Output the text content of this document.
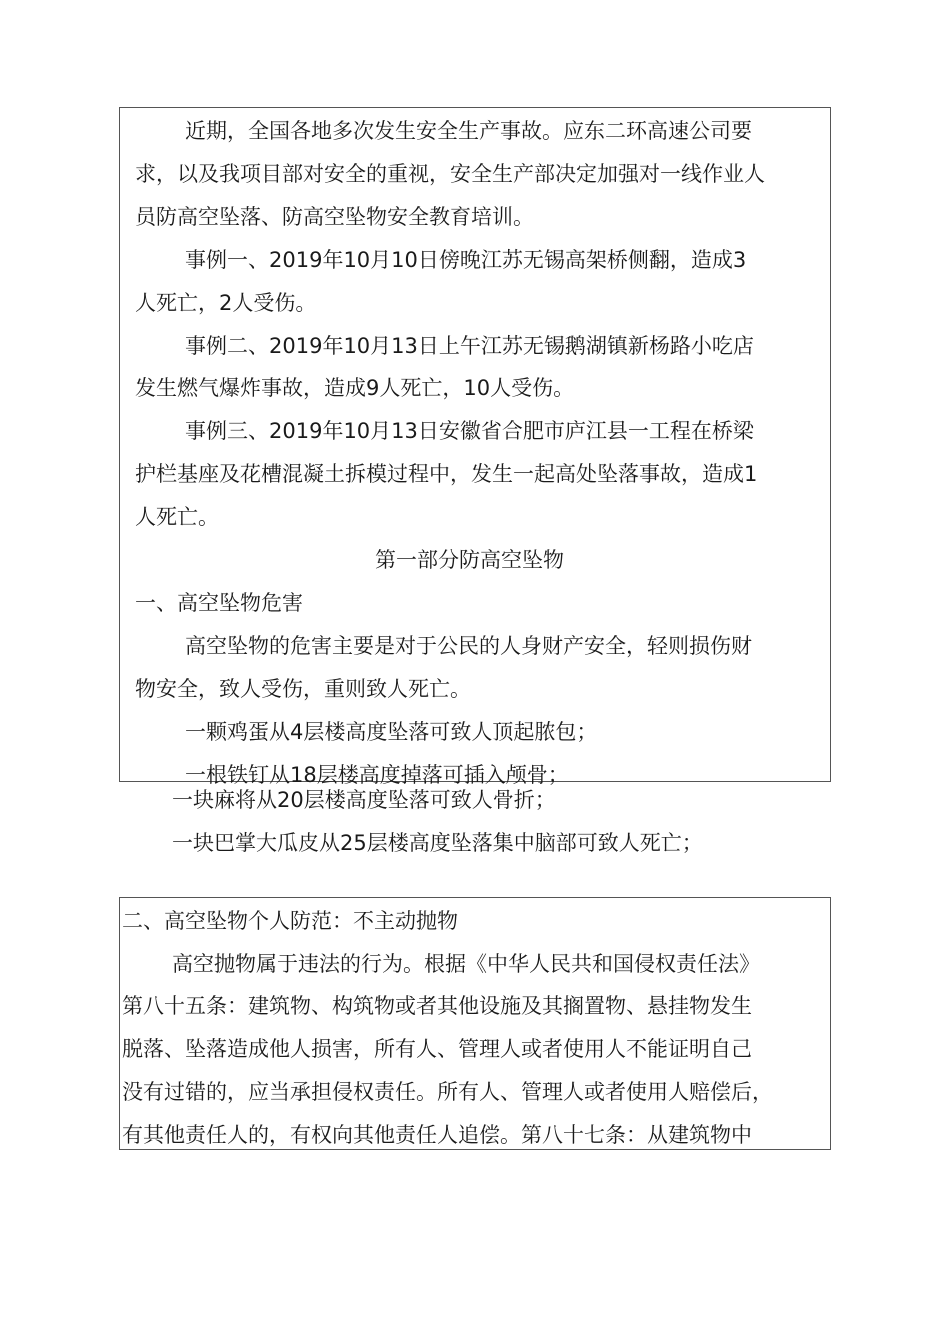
近期，全国各地多次发生安全生产事故。应东二环高速公司要
求，以及我项目部对安全的重视，安全生产部决定加强对一线作业人
员防高空坠落、防高空坠物安全教育培训。
事例一、2019年10月10日傍晚江苏无锡高架桥侧翻，造成3
人死亡，2人受伤。
事例二、2019年10月13日上午江苏无锡鹅湖镇新杨路小吃店
发生燃气爆炸事故，造成9人死亡，10人受伤。
事例三、2019年10月13日安徽省合肥市庐江县一工程在桥梁
护栏基座及花槽混凝土拆模过程中，发生一起高处坠落事故，造成1
人死亡。
第一部分防高空坠物
一、高空坠物危害
高空坠物的危害主要是对于公民的人身财产安全，轻则损伤财
物安全，致人受伤，重则致人死亡。
一颗鸡蛋从4层楼高度坠落可致人顶起脓包；
一根铁钉从18层楼高度掉落可插入颅骨；
一块麻将从20层楼高度坠落可致人骨折；
一块巴掌大瓜皮从25层楼高度坠落集中脑部可致人死亡；
二、高空坠物个人防范：不主动抛物
高空抛物属于违法的行为。根据《中华人民共和国侵权责任法》
第八十五条：建筑物、构筑物或者其他设施及其搁置物、悬挂物发生
脱落、坠落造成他人损害，所有人、管理人或者使用人不能证明自己
没有过错的，应当承担侵权责任。所有人、管理人或者使用人赔偿后，
有其他责任人的，有权向其他责任人追偿。第八十七条：从建筑物中
